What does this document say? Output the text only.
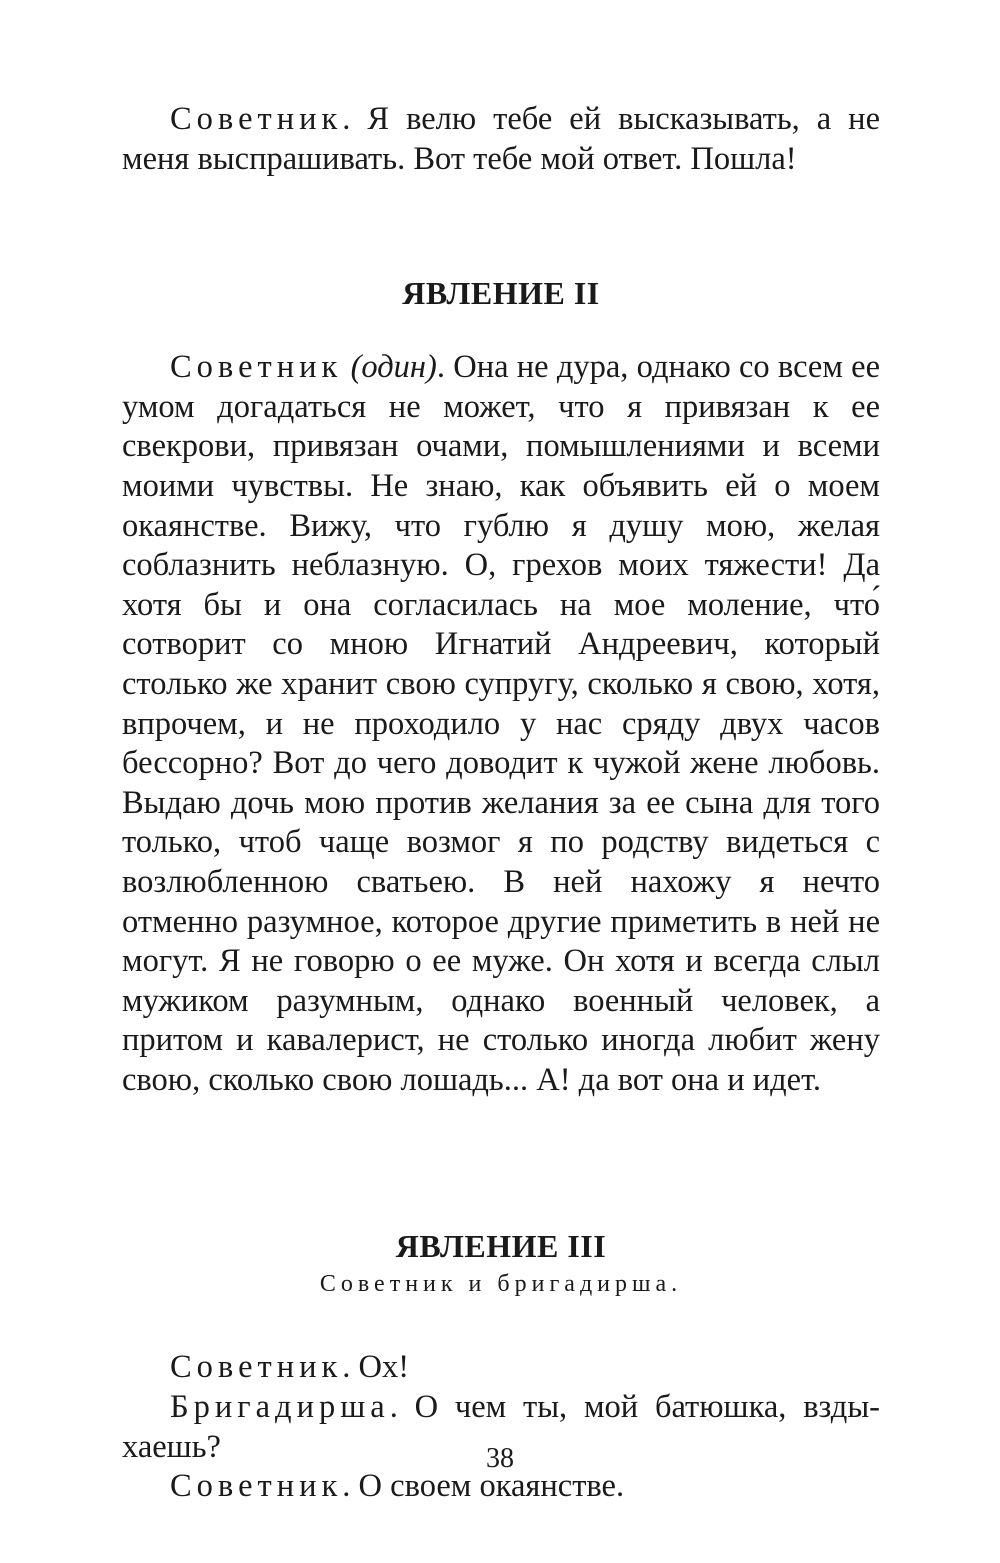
Советник. Я велю тебе ей высказывать, а не меня выспрашивать. Вот тебе мой ответ. Пошла!

ЯВЛЕНИЕ II

Советник (один). Она не дура, однако со всем ее умом догадаться не может, что я привязан к ее свекрови, привязан очами, помышлениями и всеми моими чувствы. Не знаю, как объявить ей о моем окаянстве. Вижу, что гублю я душу мою, желая соблазнить неблазную. О, грехов моих тяжести! Да хотя бы и она согласилась на мое моление, что́ сотворит со мною Игнатий Андреевич, который столько же хранит свою супругу, сколько я свою, хотя, впрочем, и не проходило у нас сряду двух часов бессорно? Вот до чего доводит к чужой жене любовь. Выдаю дочь мою против желания за ее сына для того только, чтоб чаще возмог я по родству видеться с возлюбленною сватьею. В ней нахожу я нечто отменно разумное, которое другие приметить в ней не могут. Я не говорю о ее муже. Он хотя и всегда слыл мужиком разумным, однако военный человек, а притом и кавалерист, не столько иногда любит жену свою, сколько свою лошадь... А! да вот она и идет.

ЯВЛЕНИЕ III

Советник и бригадирша.

Советник. Ох!

Бригадирша. О чем ты, мой батюшка, вздыхаешь?

Советник. О своем окаянстве.

38
